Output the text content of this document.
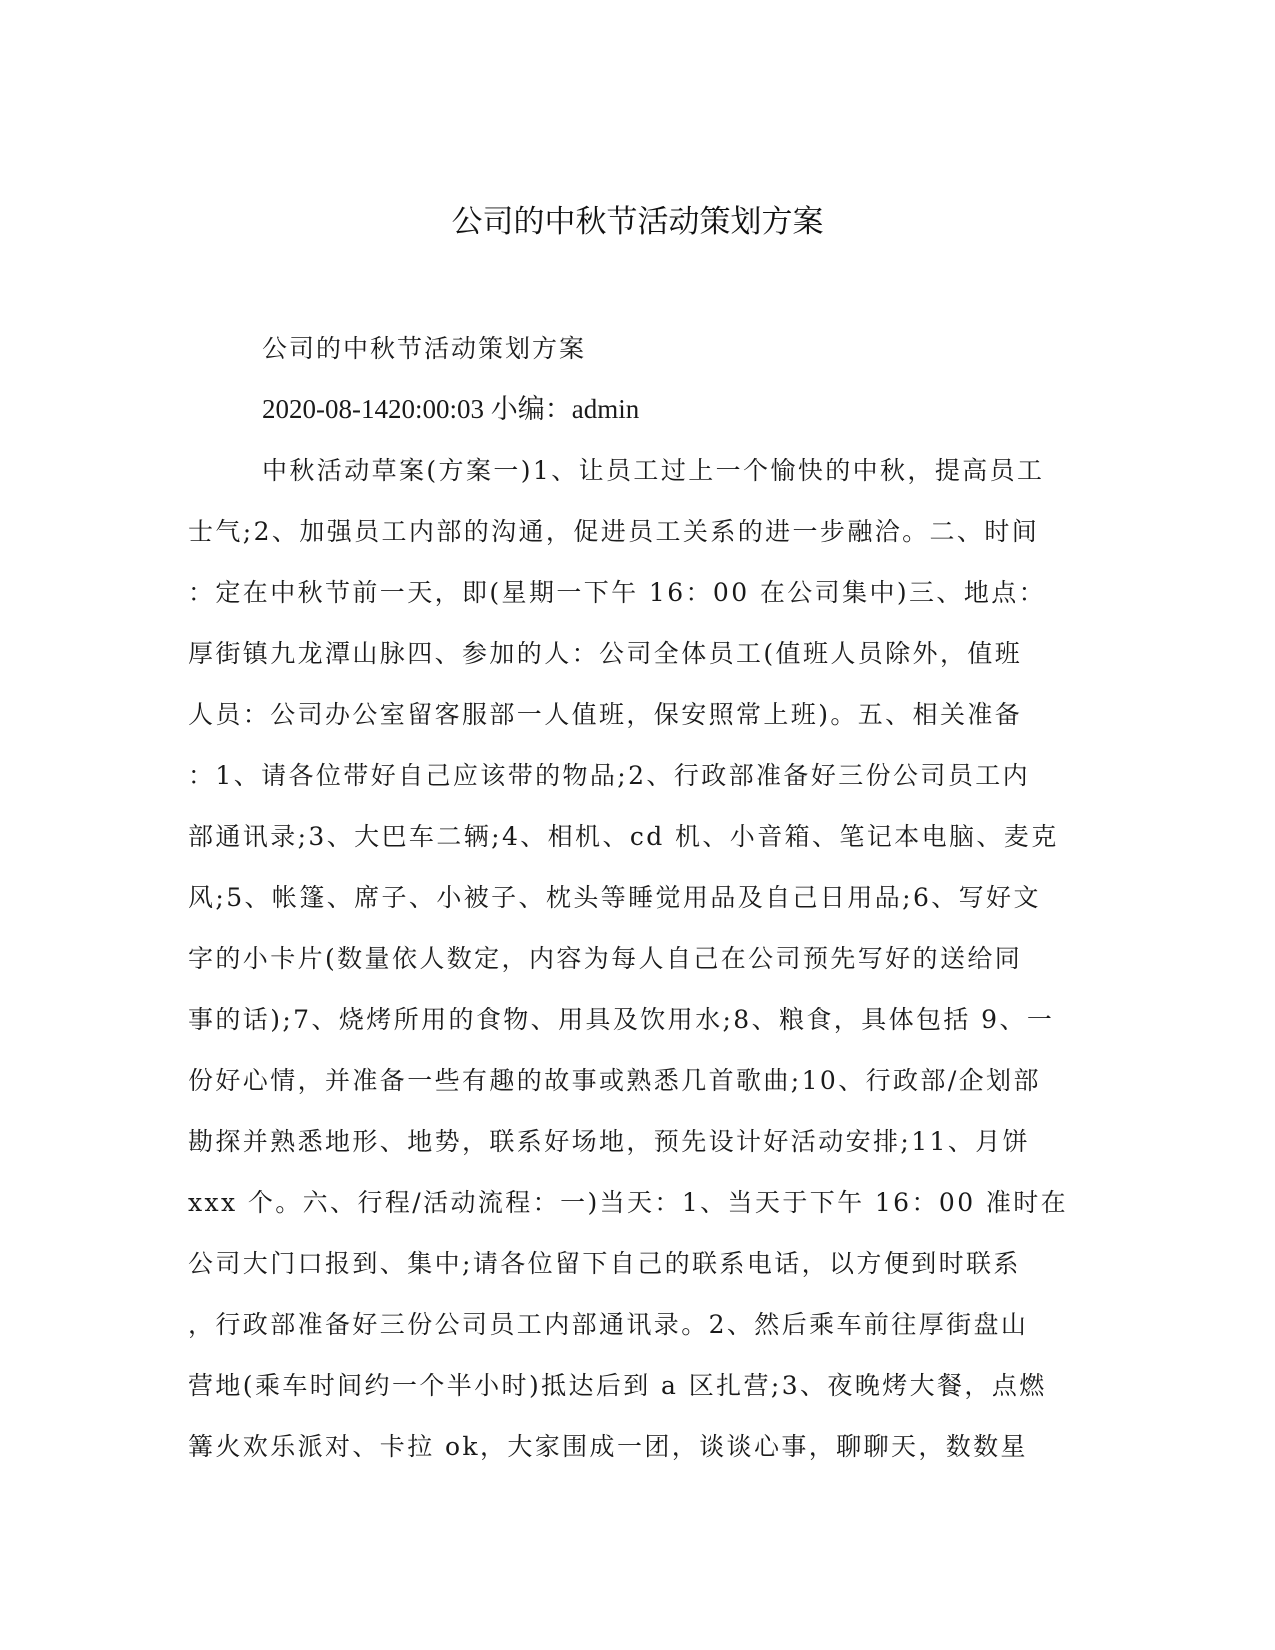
公司的中秋节活动策划方案
公司的中秋节活动策划方案
2020-08-1420:00:03 小编：admin
中秋活动草案(方案一)1、让员工过上一个愉快的中秋，提高员工
士气;2、加强员工内部的沟通，促进员工关系的进一步融洽。二、时间
：定在中秋节前一天，即(星期一下午 16：00 在公司集中)三、地点：
厚街镇九龙潭山脉四、参加的人：公司全体员工(值班人员除外，值班
人员：公司办公室留客服部一人值班，保安照常上班)。五、相关准备
：1、请各位带好自己应该带的物品;2、行政部准备好三份公司员工内
部通讯录;3、大巴车二辆;4、相机、cd 机、小音箱、笔记本电脑、麦克
风;5、帐篷、席子、小被子、枕头等睡觉用品及自己日用品;6、写好文
字的小卡片(数量依人数定，内容为每人自己在公司预先写好的送给同
事的话);7、烧烤所用的食物、用具及饮用水;8、粮食，具体包括 9、一
份好心情，并准备一些有趣的故事或熟悉几首歌曲;10、行政部/企划部
勘探并熟悉地形、地势，联系好场地，预先设计好活动安排;11、月饼
xxx 个。六、行程/活动流程：一)当天：1、当天于下午 16：00 准时在
公司大门口报到、集中;请各位留下自己的联系电话，以方便到时联系
，行政部准备好三份公司员工内部通讯录。2、然后乘车前往厚街盘山
营地(乘车时间约一个半小时)抵达后到 a 区扎营;3、夜晚烤大餐，点燃
篝火欢乐派对、卡拉 ok，大家围成一团，谈谈心事，聊聊天，数数星
